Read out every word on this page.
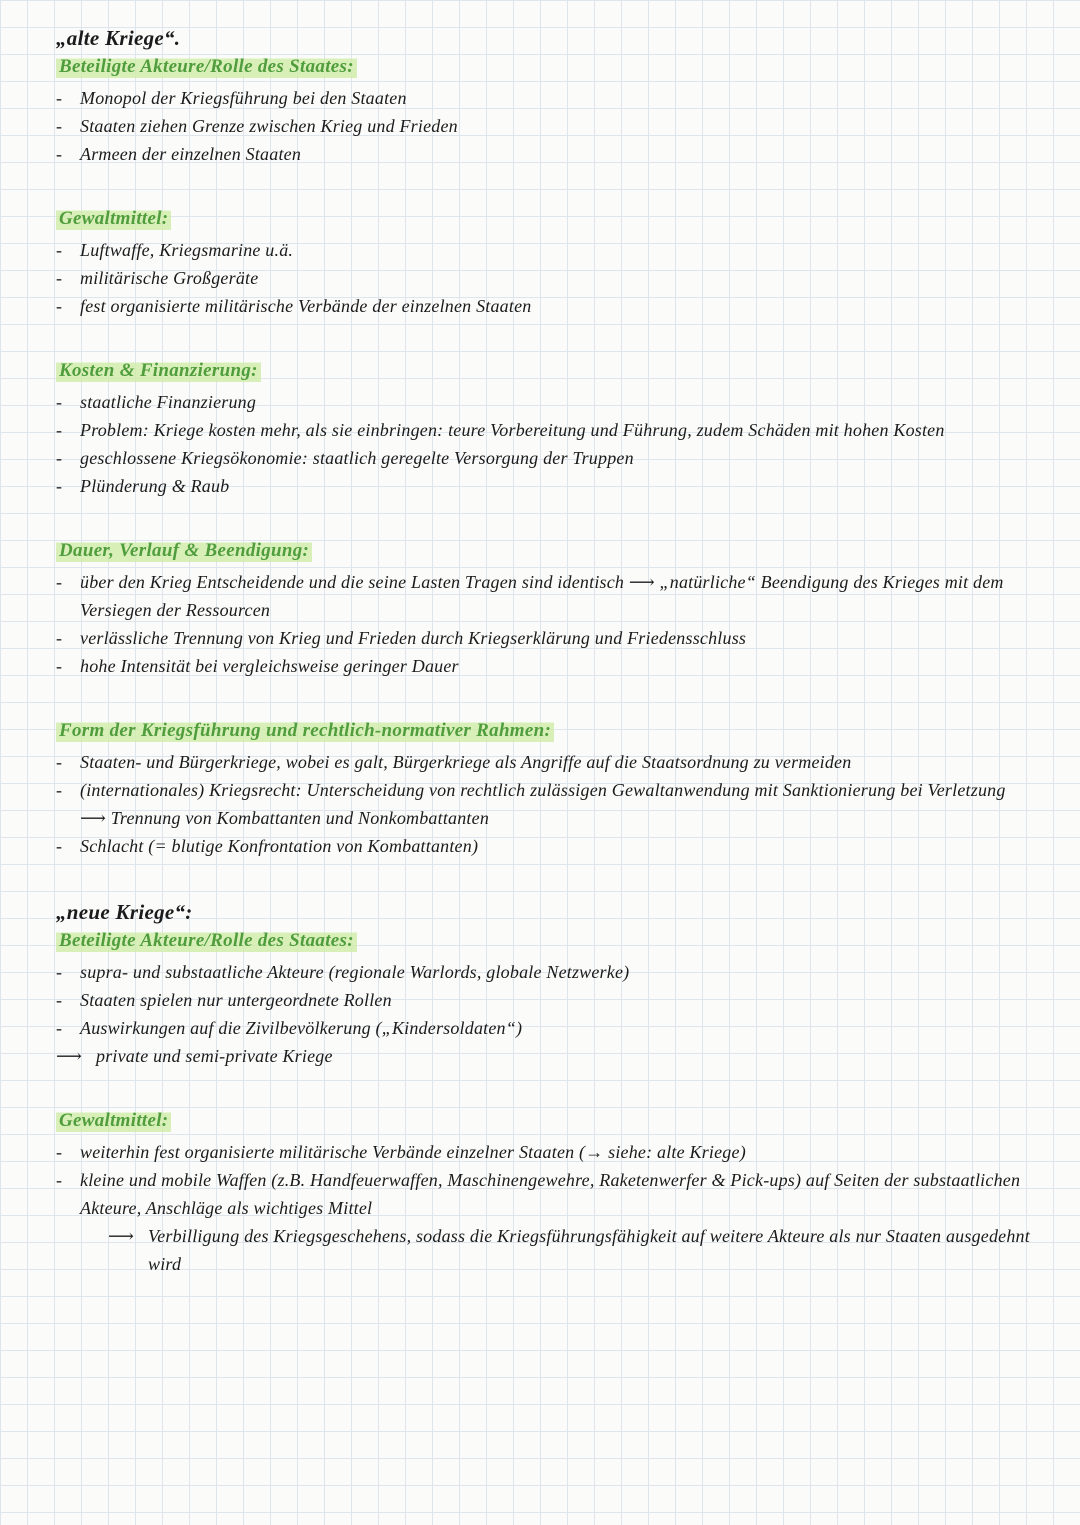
„alte Kriege“.
Beteiligte Akteure/Rolle des Staates:
- Monopol der Kriegsführung bei den Staaten
- Staaten ziehen Grenze zwischen Krieg und Frieden
- Armeen der einzelnen Staaten
Gewaltmittel:
- Luftwaffe, Kriegsmarine u.ä.
- militärische Großgeräte
- fest organisierte militärische Verbände der einzelnen Staaten
Kosten & Finanzierung:
- staatliche Finanzierung
- Problem: Kriege kosten mehr, als sie einbringen: teure Vorbereitung und Führung, zudem Schäden mit hohen Kosten
- geschlossene Kriegsökonomie: staatlich geregelte Versorgung der Truppen
- Plünderung & Raub
Dauer, Verlauf & Beendigung:
- über den Krieg Entscheidende und die seine Lasten Tragen sind identisch ⟶ „natürliche“ Beendigung des Krieges mit dem Versiegen der Ressourcen
- verlässliche Trennung von Krieg und Frieden durch Kriegserklärung und Friedensschluss
- hohe Intensität bei vergleichsweise geringer Dauer
Form der Kriegsführung und rechtlich-normativer Rahmen:
- Staaten- und Bürgerkriege, wobei es galt, Bürgerkriege als Angriffe auf die Staatsordnung zu vermeiden
- (internationales) Kriegsrecht: Unterscheidung von rechtlich zulässigen Gewaltanwendung mit Sanktionierung bei Verletzung ⟶ Trennung von Kombattanten und Nonkombattanten
- Schlacht (= blutige Konfrontation von Kombattanten)
„neue Kriege“:
Beteiligte Akteure/Rolle des Staates:
- supra- und substaatliche Akteure (regionale Warlords, globale Netzwerke)
- Staaten spielen nur untergeordnete Rollen
- Auswirkungen auf die Zivilbevölkerung („Kindersoldaten“)
⟶ private und semi-private Kriege
Gewaltmittel:
- weiterhin fest organisierte militärische Verbände einzelner Staaten (→ siehe: alte Kriege)
- kleine und mobile Waffen (z.B. Handfeuerwaffen, Maschinengewehre, Raketenwerfer & Pick-ups) auf Seiten der substaatlichen Akteure, Anschläge als wichtiges Mittel
⟶ Verbilligung des Kriegsgeschehens, sodass die Kriegsführungsfähigkeit auf weitere Akteure als nur Staaten ausgedehnt wird
